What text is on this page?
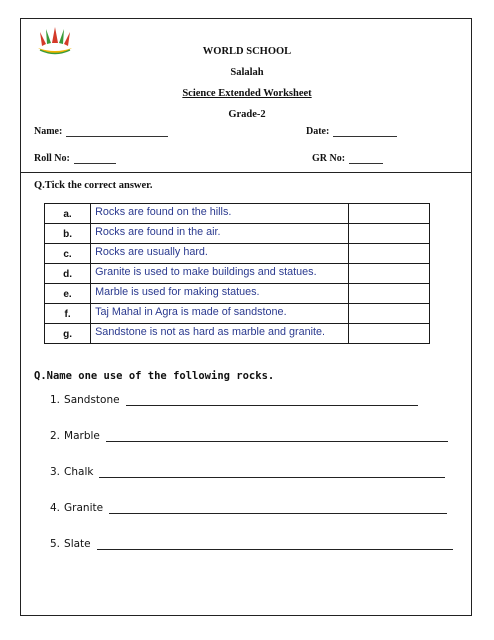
WORLD SCHOOL
Salalah
Science Extended Worksheet
Grade-2
Name:	Date:
Roll No:	GR No:
Q.Tick the correct answer.
a.	Rocks are found on the hills.	
b.	Rocks are found in the air.	
c.	Rocks are usually hard.	
d.	Granite is used to make buildings and statues.	
e.	Marble is used for making statues.	
f.	Taj Mahal in Agra is made of sandstone.	
g.	Sandstone is not as hard as marble and granite.	
Q.Name one use of the following rocks.
1. Sandstone
2. Marble
3. Chalk
4. Granite
5. Slate
